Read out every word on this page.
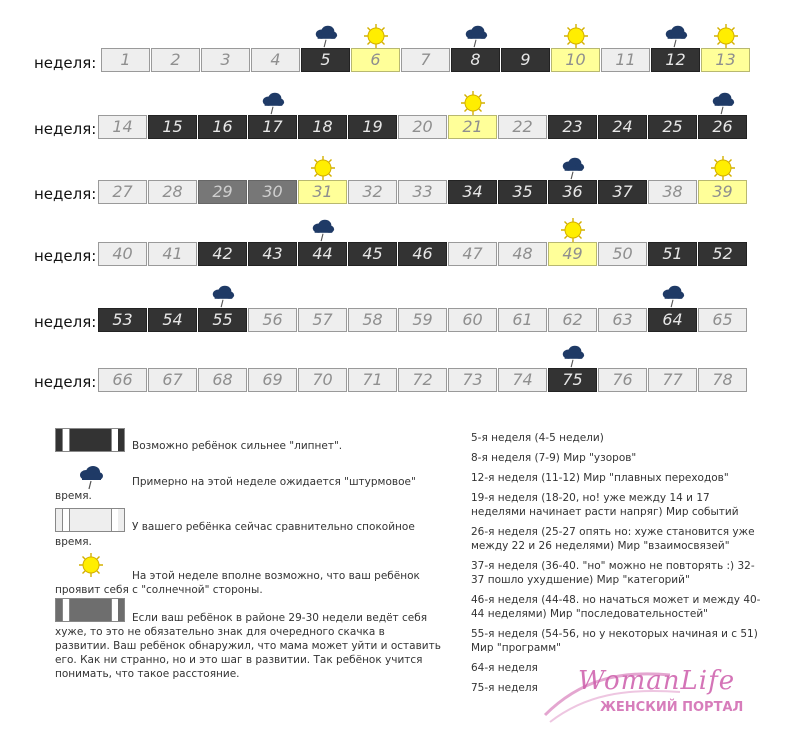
неделя:	1	2	3	4	5	6	7	8	9	10	11	12	13
неделя:	14	15	16	17	18	19	20	21	22	23	24	25	26
неделя:	27	28	29	30	31	32	33	34	35	36	37	38	39
неделя:	40	41	42	43	44	45	46	47	48	49	50	51	52
неделя:	53	54	55	56	57	58	59	60	61	62	63	64	65
неделя:	66	67	68	69	70	71	72	73	74	75	76	77	78
Возможно ребёнок сильнее "липнет".
Примерно на этой неделе ожидается "штурмовое"
время.
У вашего ребёнка сейчас сравнительно спокойное
время.
На этой неделе вполне возможно, что ваш ребёнок
проявит себя с "солнечной" стороны.
Если ваш ребёнок в районе 29-30 недели ведёт себя
хуже, то это не обязательно знак для очередного скачка в
развитии. Ваш ребёнок обнаружил, что мама может уйти и оставить
его. Как ни странно, но и это шаг в развитии. Так ребёнок учится
понимать, что такое расстояние.
5-я неделя (4-5 недели)
8-я неделя (7-9) Мир "узоров"
12-я неделя (11-12) Мир "плавных переходов"
19-я неделя (18-20, но! уже между 14 и 17 неделями начинает расти напряг) Мир событий
26-я неделя (25-27 опять но: хуже становится уже между 22 и 26 неделями) Мир "взаимосвязей"
37-я неделя (36-40. "но" можно не повторять :) 32-37 пошло ухудшение) Мир "категорий"
46-я неделя (44-48. но начаться может и между 40-44 неделями) Мир "последовательностей"
55-я неделя (54-56, но у некоторых начиная и с 51) Мир "программ"
64-я неделя
75-я неделя	WomanLife
ЖЕНСКИЙ ПОРТАЛ
